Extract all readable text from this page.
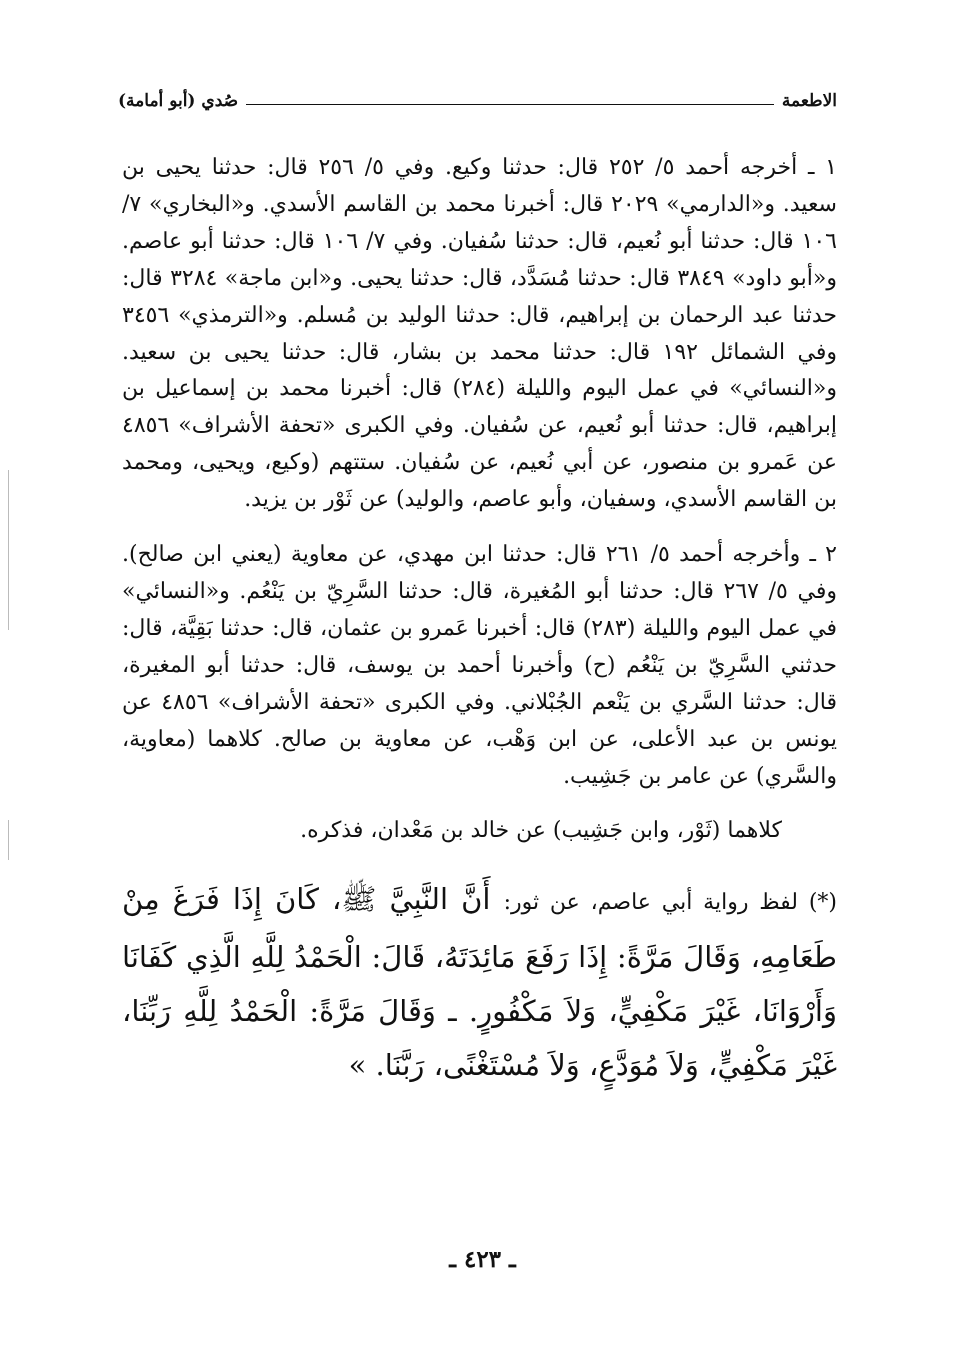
الاطعمة
صُدي (أبو أمامة)

١ ـ أخرجه أحمد ٥/ ٢٥٢ قال: حدثنا وكيع. وفي ٥/ ٢٥٦ قال: حدثنا يحيى بن سعيد. و«الدارمي» ٢٠٢٩ قال: أخبرنا محمد بن القاسم الأسدي. و«البخاري» ٧/ ١٠٦ قال: حدثنا أبو نُعيم، قال: حدثنا سُفيان. وفي ٧/ ١٠٦ قال: حدثنا أبو عاصم. و«أبو داود» ٣٨٤٩ قال: حدثنا مُسَدَّد، قال: حدثنا يحيى. و«ابن ماجة» ٣٢٨٤ قال: حدثنا عبد الرحمان بن إبراهيم، قال: حدثنا الوليد بن مُسلم. و«الترمذي» ٣٤٥٦ وفي الشمائل ١٩٢ قال: حدثنا محمد بن بشار، قال: حدثنا يحيى بن سعيد. و«النسائي» في عمل اليوم والليلة (٢٨٤) قال: أخبرنا محمد بن إسماعيل بن إبراهيم، قال: حدثنا أبو نُعيم، عن سُفيان. وفي الكبرى «تحفة الأشراف» ٤٨٥٦ عن عَمرو بن منصور، عن أبي نُعيم، عن سُفيان. ستتهم (وكيع، ويحيى، ومحمد بن القاسم الأسدي، وسفيان، وأبو عاصم، والوليد) عن ثَوْر بن يزيد.

٢ ـ وأخرجه أحمد ٥/ ٢٦١ قال: حدثنا ابن مهدي، عن معاوية (يعني ابن صالح). وفي ٥/ ٢٦٧ قال: حدثنا أبو المُغيرة، قال: حدثنا السَّرِيّ بن يَنْعُم. و«النسائي» في عمل اليوم والليلة (٢٨٣) قال: أخبرنا عَمرو بن عثمان، قال: حدثنا بَقِيَّة، قال: حدثني السَّرِيّ بن يَنْعُم (ح) وأخبرنا أحمد بن يوسف، قال: حدثنا أبو المغيرة، قال: حدثنا السَّري بن يَنْعم الجُبْلاني. وفي الكبرى «تحفة الأشراف» ٤٨٥٦ عن يونس بن عبد الأعلى، عن ابن وَهْب، عن معاوية بن صالح. كلاهما (معاوية، والسَّري) عن عامر بن جَشِيب.

كلاهما (ثَوْر، وابن جَشِيب) عن خالد بن مَعْدان، فذكره.

(*) لفظ رواية أبي عاصم، عن ثور: أَنَّ النَّبِيَّ ﷺ، كَانَ إِذَا فَرَغَ مِنْ طَعَامِهِ، وَقَالَ مَرَّةً: إِذَا رَفَعَ مَائِدَتَهُ، قَالَ: الْحَمْدُ لِلَّهِ الَّذِي كَفَانَا وَأَرْوَانَا، غَيْرَ مَكْفِيٍّ، وَلاَ مَكْفُورٍ. ـ وَقَالَ مَرَّةً: الْحَمْدُ لِلَّهِ رَبِّنَا، غَيْرَ مَكْفِيٍّ، وَلاَ مُوَدَّعٍ، وَلاَ مُسْتَغْنًى، رَبَّنَا. »

ـ ٤٢٣ ـ
